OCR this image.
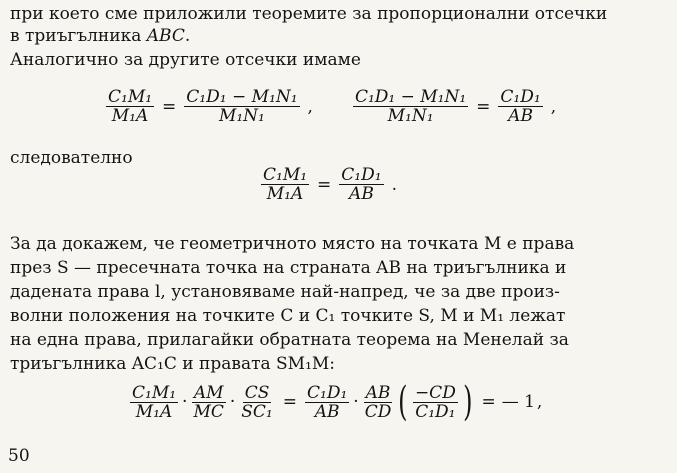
при което сме приложили теоремите за пропорционални отсечки
в триъгълника ABC.
Аналогично за другите отсечки имаме
$\frac{\text{C₁M₁}}{\text{M₁A}} = \frac{\text{C₁D₁ − M₁N₁}}{\text{M₁N₁}}$ , $\frac{\text{C₁D₁ − M₁N₁}}{\text{M₁N₁}} = \frac{\text{C₁D₁}}{AB}$ ,
следователно
$\frac{\text{C₁M₁}}{\text{M₁A}} = \frac{\text{C₁D₁}}{AB}$ .
За да докажем, че геометричното място на точката M е права
през S — пресечната точка на страната AB на триъгълника и
дадената права l, установяваме най-напред, че за две произ-
волни положения на точките C и C₁ точките S, M и M₁ лежат
на една права, прилагайки обратната теорема на Менелай за
триъгълника AC₁C и правата SM₁M:
$\frac{\text{C₁M₁}}{\text{M₁A}} \cdot \frac{AM}{MC} \cdot \frac{CS}{\text{SC₁}} = \frac{\text{C₁D₁}}{AB} \cdot \frac{AB}{CD}$ ( $\frac{-CD}{\text{C₁D₁}}$ ) = — 1 ,
50
